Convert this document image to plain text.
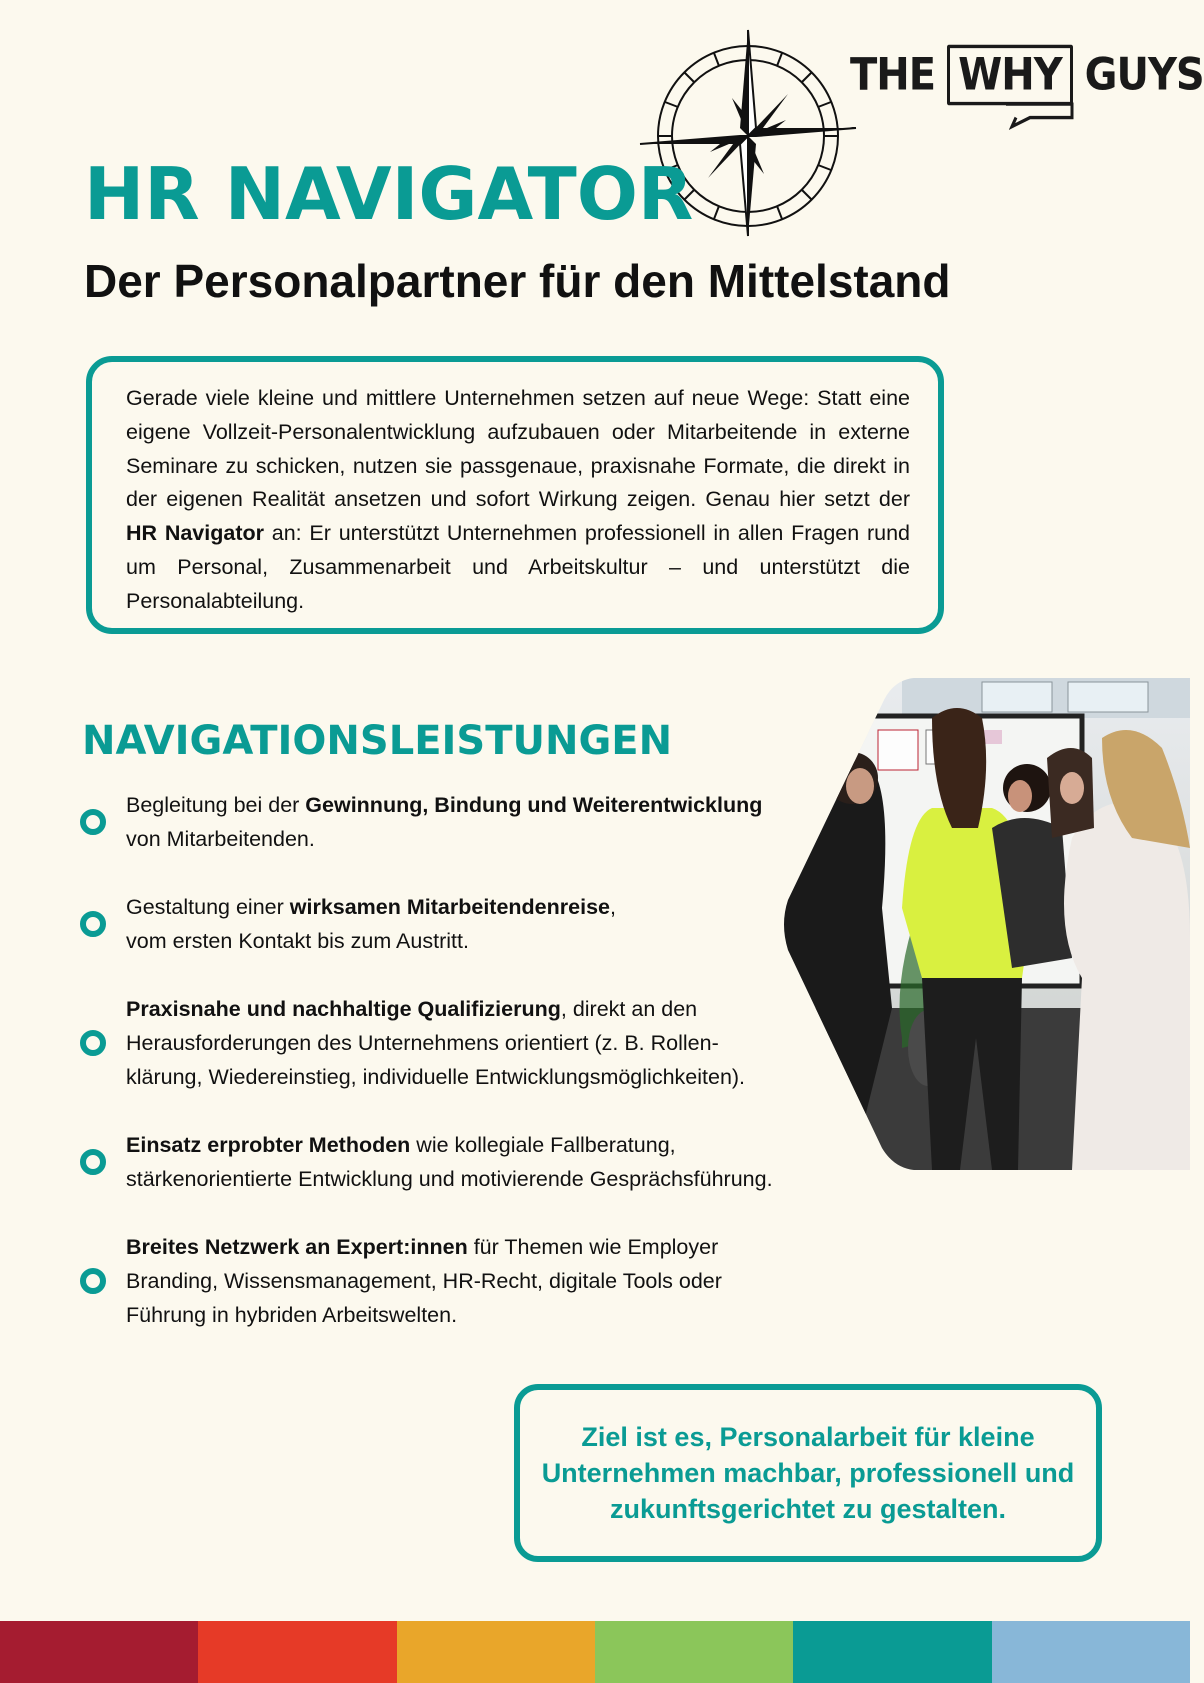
THE WHY GUYS
HR NAVIGATOR
Der Personalpartner für den Mittelstand

Gerade viele kleine und mittlere Unternehmen setzen auf neue Wege: Statt eine eigene Vollzeit-Personalentwicklung aufzubauen oder Mitarbeitende in externe Seminare zu schicken, nutzen sie passgenaue, praxisnahe Formate, die direkt in der eigenen Realität ansetzen und sofort Wirkung zeigen. Genau hier setzt der HR Navigator an: Er unterstützt Unternehmen professionell in allen Fragen rund um Personal, Zusammenarbeit und Arbeitskultur – und unterstützt die Personalabteilung.

NAVIGATIONSLEISTUNGEN
Begleitung bei der Gewinnung, Bindung und Weiterentwicklung
von Mitarbeitenden.
Gestaltung einer wirksamen Mitarbeitendenreise,
vom ersten Kontakt bis zum Austritt.
Praxisnahe und nachhaltige Qualifizierung, direkt an den
Herausforderungen des Unternehmens orientiert (z. B. Rollen-
klärung, Wiedereinstieg, individuelle Entwicklungsmöglichkeiten).
Einsatz erprobter Methoden wie kollegiale Fallberatung,
stärkenorientierte Entwicklung und motivierende Gesprächsführung.
Breites Netzwerk an Expert:innen für Themen wie Employer
Branding, Wissensmanagement, HR-Recht, digitale Tools oder
Führung in hybriden Arbeitswelten.

Ziel ist es, Personalarbeit für kleine Unternehmen machbar, professionell und zukunftsgerichtet zu gestalten.
